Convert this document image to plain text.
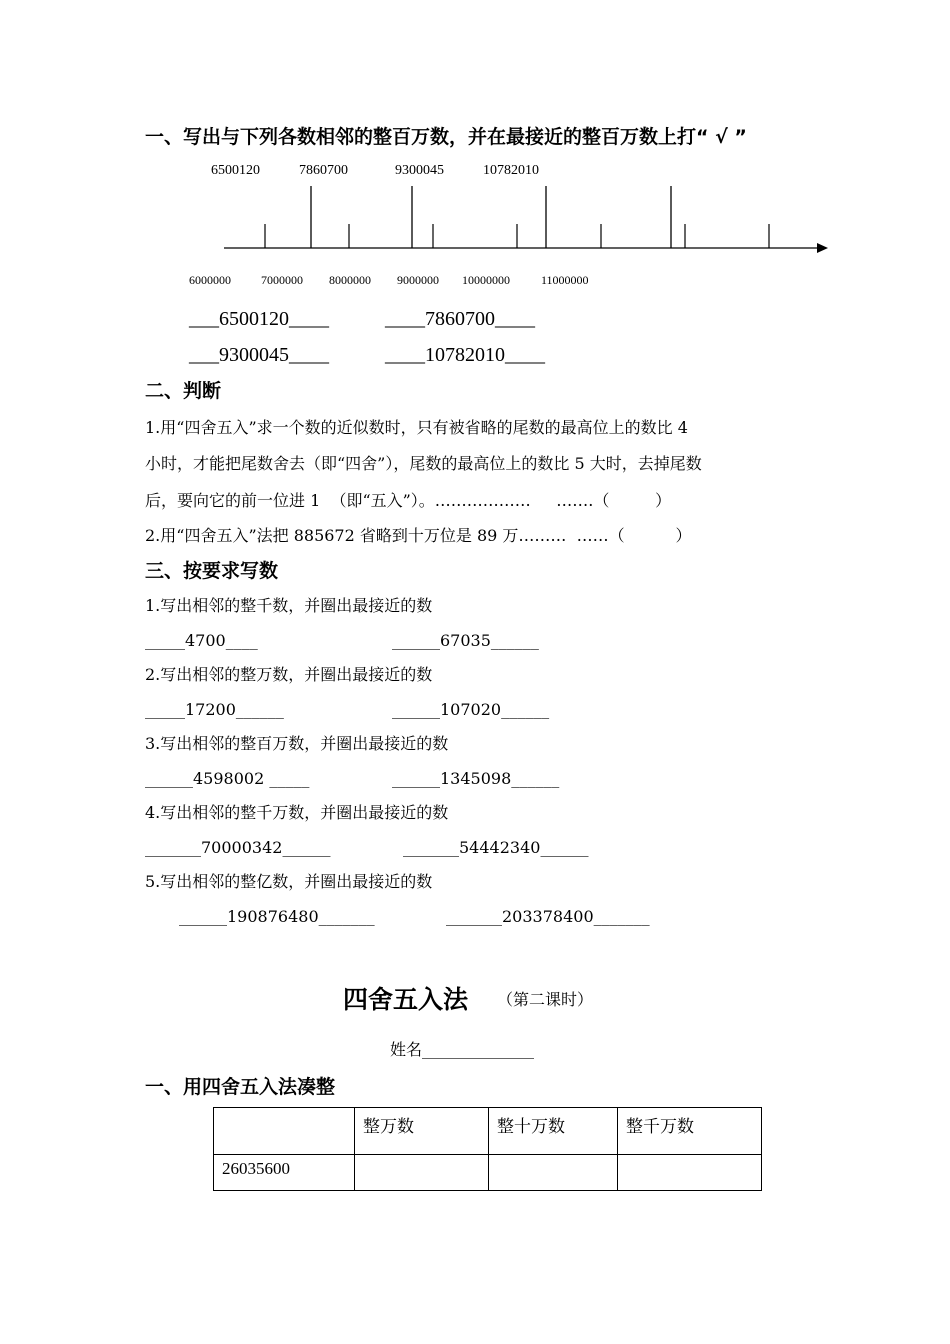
一、写出与下列各数相邻的整百万数，并在最接近的整百万数上打“ √ ”
6500120	7860700	9300045	10782010
6000000	7000000 8000000 9000000 10000000	11000000
___6500120____	____7860700____
___9300045____	____10782010____
二、判断
1.用“四舍五入”求一个数的近似数时，只有被省略的尾数的最高位上的数比 4
小时，才能把尾数舍去（即“四舍”），尾数的最高位上的数比 5 大时，去掉尾数
后，要向它的前一位进 1  （即“五入”）。………………     …….（         ）
2.用“四舍五入”法把 885672 省略到十万位是 89 万………  ……（          ）
三、按要求写数
1.写出相邻的整千数，并圈出最接近的数
_____4700____	______67035______
2.写出相邻的整万数，并圈出最接近的数
_____17200______	______107020______
3.写出相邻的整百万数，并圈出最接近的数
______4598002 _____	______1345098______
4.写出相邻的整千万数，并圈出最接近的数
_______70000342______	_______54442340______
5.写出相邻的整亿数，并圈出最接近的数
______190876480_______	_______203378400_______
四舍五入法 （第二课时）
姓名______________
一、用四舍五入法凑整

	整万数	整十万数	整千万数

26035600			
